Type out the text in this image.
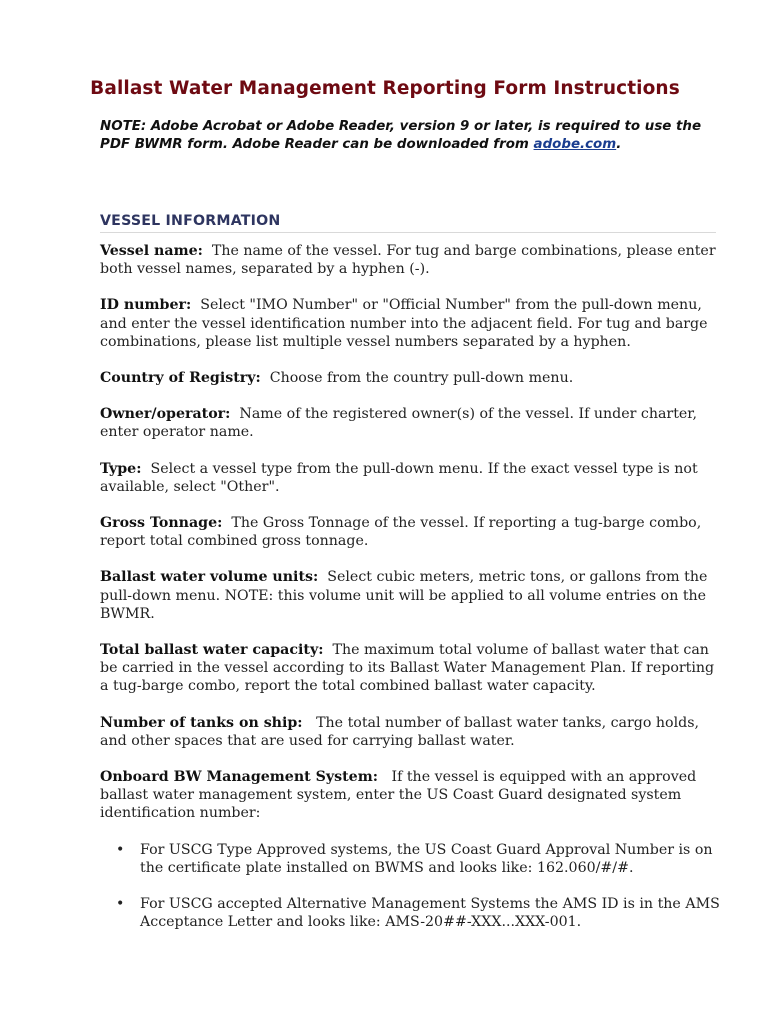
Ballast Water Management Reporting Form Instructions
NOTE: Adobe Acrobat or Adobe Reader, version 9 or later, is required to use the PDF BWMR form. Adobe Reader can be downloaded from adobe.com.
VESSEL INFORMATION

Vessel name: The name of the vessel. For tug and barge combinations, please enter both vessel names, separated by a hyphen (-).

ID number: Select "IMO Number" or "Official Number" from the pull-down menu, and enter the vessel identification number into the adjacent field. For tug and barge combinations, please list multiple vessel numbers separated by a hyphen.

Country of Registry: Choose from the country pull-down menu.

Owner/operator: Name of the registered owner(s) of the vessel. If under charter, enter operator name.

Type: Select a vessel type from the pull-down menu. If the exact vessel type is not available, select "Other".

Gross Tonnage: The Gross Tonnage of the vessel. If reporting a tug-barge combo, report total combined gross tonnage.

Ballast water volume units: Select cubic meters, metric tons, or gallons from the pull-down menu. NOTE: this volume unit will be applied to all volume entries on the BWMR.

Total ballast water capacity: The maximum total volume of ballast water that can be carried in the vessel according to its Ballast Water Management Plan. If reporting a tug-barge combo, report the total combined ballast water capacity.

Number of tanks on ship: The total number of ballast water tanks, cargo holds, and other spaces that are used for carrying ballast water.

Onboard BW Management System: If the vessel is equipped with an approved ballast water management system, enter the US Coast Guard designated system identification number:

• For USCG Type Approved systems, the US Coast Guard Approval Number is on the certificate plate installed on BWMS and looks like: 162.060/#/#.
• For USCG accepted Alternative Management Systems the AMS ID is in the AMS Acceptance Letter and looks like: AMS-20##-XXX...XXX-001.
